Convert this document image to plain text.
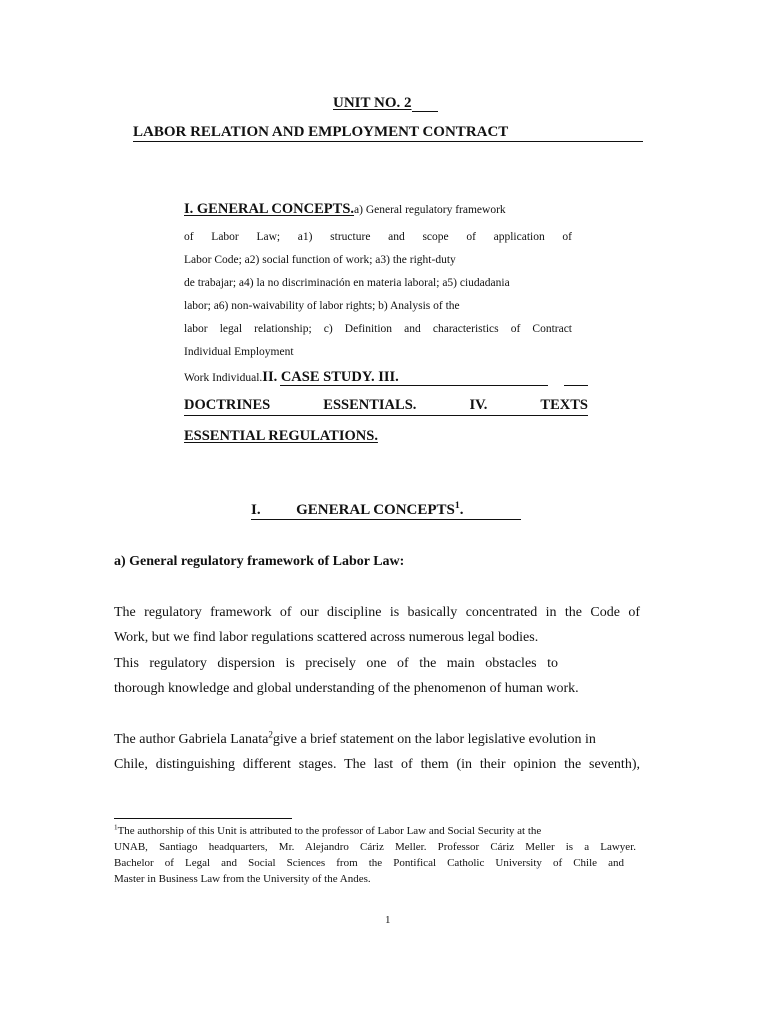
UNIT NO. 2
LABOR RELATION AND EMPLOYMENT CONTRACT
I. GENERAL CONCEPTS.a) General regulatory framework
of Labor Law; a1) structure and scope of application of
Labor Code; a2) social function of work; a3) the right-duty
de trabajar; a4) la no discriminación en materia laboral; a5) ciudadania
labor; a6) non-waivability of labor rights; b) Analysis of the
labor legal relationship; c) Definition and characteristics of Contract
Individual Employment
Work Individual.II. CASE STUDY. III.
DOCTRINES	ESSENTIALS.	IV.	TEXTS
ESSENTIAL REGULATIONS.
I. GENERAL CONCEPTS$^1$.
a) General regulatory framework of Labor Law:
The regulatory framework of our discipline is basically concentrated in the Code of
Work, but we find labor regulations scattered across numerous legal bodies.
This regulatory dispersion is precisely one of the main obstacles to
thorough knowledge and global understanding of the phenomenon of human work.
The author Gabriela Lanata$^2$give a brief statement on the labor legislative evolution in
Chile, distinguishing different stages. The last of them (in their opinion the seventh),
$^1$The authorship of this Unit is attributed to the professor of Labor Law and Social Security at the
UNAB, Santiago headquarters, Mr. Alejandro Cáriz Meller. Professor Cáriz Meller is a Lawyer.
Bachelor of Legal and Social Sciences from the Pontifical Catholic University of Chile and
Master in Business Law from the University of the Andes.
1
